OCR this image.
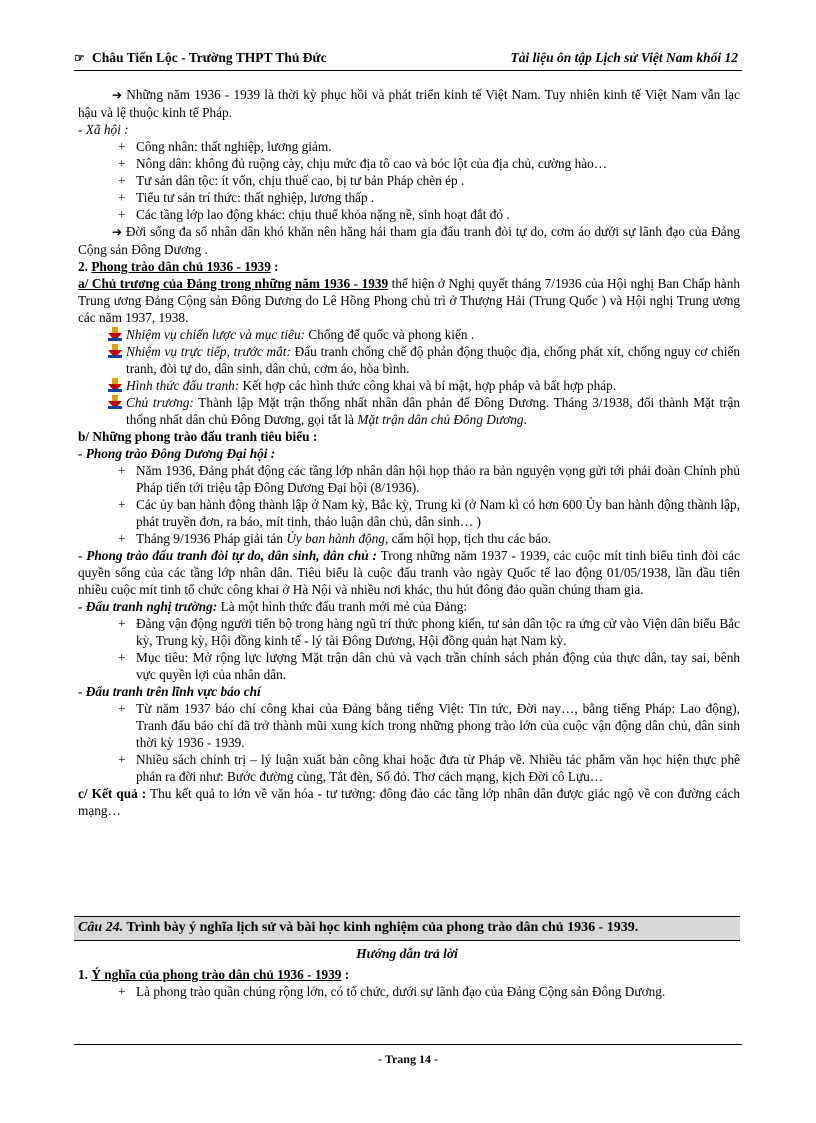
☞ Châu Tiến Lộc - Trường THPT Thủ Đức	Tài liệu ôn tập Lịch sử Việt Nam khối 12

➔ Những năm 1936 - 1939 là thời kỳ phục hồi và phát triển kinh tế Việt Nam. Tuy nhiên kinh tế Việt Nam vẫn lạc hậu và lệ thuộc kinh tế Pháp.

- Xã hội :

+ Công nhân: thất nghiệp, lương giảm.
+ Nông dân: không đủ ruộng cày, chịu mức địa tô cao và bóc lột của địa chủ, cường hào…
+ Tư sản dân tộc: ít vốn, chịu thuế cao, bị tư bản Pháp chèn ép .
+ Tiểu tư sản trí thức: thất nghiệp, lương thấp .
+ Các tầng lớp lao động khác: chịu thuế khóa nặng nề, sinh hoạt đắt đỏ .

➔ Đời sống đa số nhân dân khó khăn nên hăng hái tham gia đấu tranh đòi tự do, cơm áo dưới sự lãnh đạo của Đảng Cộng sản Đông Dương .

2. Phong trào dân chủ 1936 - 1939 :

a/ Chủ trương của Đảng trong những năm 1936 - 1939 thể hiện ở Nghị quyết tháng 7/1936 của Hội nghị Ban Chấp hành Trung ương Đảng Cộng sản Đông Dương do Lê Hồng Phong chủ trì ở Thượng Hải (Trung Quốc ) và Hội nghị Trung ương các năm 1937, 1938.

Nhiệm vụ chiến lược và mục tiêu: Chống đế quốc và phong kiến .
Nhiệm vụ trực tiếp, trước mắt: Đấu tranh chống chế độ phản động thuộc địa, chống phát xít, chống nguy cơ chiến tranh, đòi tự do, dân sinh, dân chủ, cơm áo, hòa bình.
Hình thức đấu tranh: Kết hợp các hình thức công khai và bí mật, hợp pháp và bất hợp pháp.
Chủ trương: Thành lập Mặt trận thống nhất nhân dân phản đế Đông Dương. Tháng 3/1938, đổi thành Mặt trận thống nhất dân chủ Đông Dương, gọi tắt là Mặt trận dân chủ Đông Dương.

b/ Những phong trào đấu tranh tiêu biểu :

- Phong trào Đông Dương Đại hội :

+ Năm 1936, Đảng phát động các tầng lớp nhân dân hội họp thảo ra bản nguyện vọng gửi tới phái đoàn Chính phủ Pháp tiến tới triệu tập Đông Dương Đại hội (8/1936).
+ Các ủy ban hành động thành lập ở Nam kỳ, Bắc kỳ, Trung kì (ở Nam kì có hơn 600 Ủy ban hành động thành lập, phát truyền đơn, ra báo, mít tinh, thảo luận dân chủ, dân sinh… )
+ Tháng 9/1936 Pháp giải tán Ủy ban hành động, cấm hội họp, tịch thu các báo.

- Phong trào đấu tranh đòi tự do, dân sinh, dân chủ : Trong những năm 1937 - 1939, các cuộc mít tinh biểu tình đòi các quyền sống của các tầng lớp nhân dân. Tiêu biểu là cuộc đấu tranh vào ngày Quốc tế lao động 01/05/1938, lần đầu tiên nhiều cuộc mít tinh tổ chức công khai ở Hà Nội và nhiều nơi khác, thu hút đông đảo quần chúng tham gia.

- Đấu tranh nghị trường: Là một hình thức đấu tranh mới mẻ của Đảng:

+ Đảng vận động người tiến bộ trong hàng ngũ trí thức phong kiến, tư sản dân tộc ra ứng cử vào Viện dân biểu Bắc kỳ, Trung kỳ, Hội đồng kinh tế - lý tài Đông Dương, Hội đồng quản hạt Nam kỳ.
+ Mục tiêu: Mở rộng lực lượng Mặt trận dân chủ và vạch trần chính sách phản động của thực dân, tay sai, bênh vực quyền lợi của nhân dân.

- Đấu tranh trên lĩnh vực báo chí

+ Từ năm 1937 báo chí công khai của Đảng bằng tiếng Việt: Tin tức, Đời nay…, bằng tiếng Pháp: Lao động), Tranh đấu báo chí đã trở thành mũi xung kích trong những phong trào lớn của cuộc vận động dân chủ, dân sinh thời kỳ 1936 - 1939.
+ Nhiều sách chính trị – lý luận xuất bản công khai hoặc đưa từ Pháp về. Nhiều tác phẩm văn học hiện thực phê phán ra đời như: Bước đường cùng, Tắt đèn, Số đỏ. Thơ cách mạng, kịch Đời cô Lựu…

c/ Kết quả : Thu kết quả to lớn về văn hóa - tư tưởng: đông đảo các tầng lớp nhân dân được giác ngộ về con đường cách mạng…

Câu 24. Trình bày ý nghĩa lịch sử và bài học kinh nghiệm của phong trào dân chủ 1936 - 1939.
Hướng dẫn trả lời

1. Ý nghĩa của phong trào dân chủ 1936 - 1939 :

+ Là phong trào quần chúng rộng lớn, có tổ chức, dưới sự lãnh đạo của Đảng Cộng sản Đông Dương.
- Trang 14 -
